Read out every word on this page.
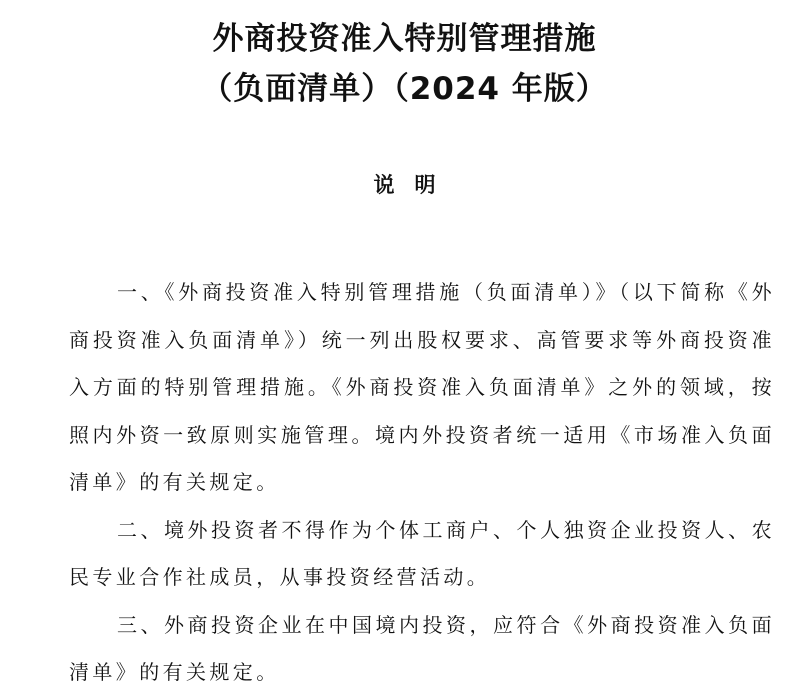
外商投资准入特别管理措施
（负面清单）（2024 年版）
说明

一、《外商投资准入特别管理措施（负面清单）》（以下简称《外商投资准入负面清单》）统一列出股权要求、高管要求等外商投资准入方面的特别管理措施。《外商投资准入负面清单》之外的领域，按照内外资一致原则实施管理。境内外投资者统一适用《市场准入负面清单》的有关规定。

二、境外投资者不得作为个体工商户、个人独资企业投资人、农民专业合作社成员，从事投资经营活动。

三、外商投资企业在中国境内投资，应符合《外商投资准入负面清单》的有关规定。
